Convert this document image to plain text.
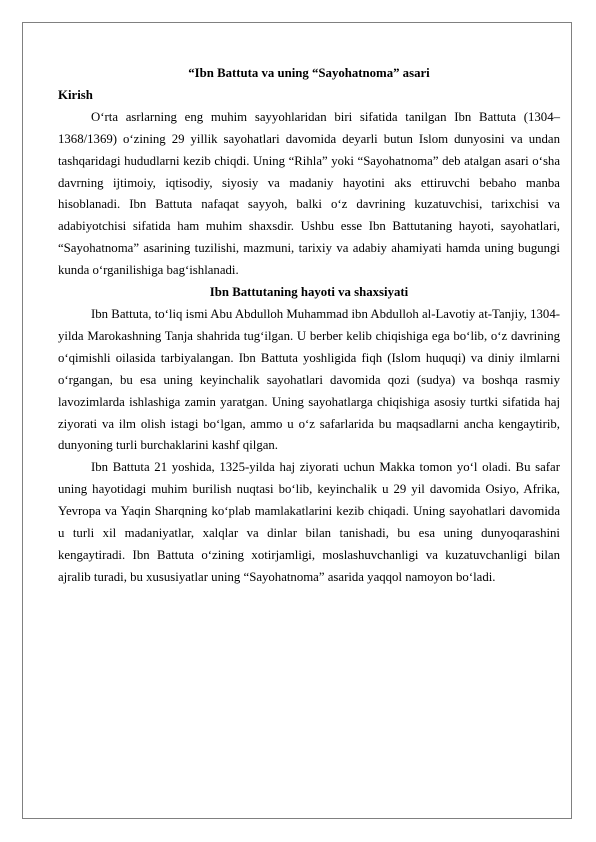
“Ibn Battuta va uning “Sayohatnoma” asari

Kirish

O‘rta asrlarning eng muhim sayyohlaridan biri sifatida tanilgan Ibn Battuta (1304–1368/1369) o‘zining 29 yillik sayohatlari davomida deyarli butun Islom dunyosini va undan tashqaridagi hududlarni kezib chiqdi. Uning “Rihla” yoki “Sayohatnoma” deb atalgan asari o‘sha davrning ijtimoiy, iqtisodiy, siyosiy va madaniy hayotini aks ettiruvchi bebaho manba hisoblanadi. Ibn Battuta nafaqat sayyoh, balki o‘z davrining kuzatuvchisi, tarixchisi va adabiyotchisi sifatida ham muhim shaxsdir. Ushbu esse Ibn Battutaning hayoti, sayohatlari, “Sayohatnoma” asarining tuzilishi, mazmuni, tarixiy va adabiy ahamiyati hamda uning bugungi kunda o‘rganilishiga bag‘ishlanadi.

Ibn Battutaning hayoti va shaxsiyati

Ibn Battuta, to‘liq ismi Abu Abdulloh Muhammad ibn Abdulloh al-Lavotiy at-Tanjiy, 1304-yilda Marokashning Tanja shahrida tug‘ilgan. U berber kelib chiqishiga ega bo‘lib, o‘z davrining o‘qimishli oilasida tarbiyalangan. Ibn Battuta yoshligida fiqh (Islom huquqi) va diniy ilmlarni o‘rgangan, bu esa uning keyinchalik sayohatlari davomida qozi (sudya) va boshqa rasmiy lavozimlarda ishlashiga zamin yaratgan. Uning sayohatlarga chiqishiga asosiy turtki sifatida haj ziyorati va ilm olish istagi bo‘lgan, ammo u o‘z safarlarida bu maqsadlarni ancha kengaytirib, dunyoning turli burchaklarini kashf qilgan.

Ibn Battuta 21 yoshida, 1325-yilda haj ziyorati uchun Makka tomon yo‘l oladi. Bu safar uning hayotidagi muhim burilish nuqtasi bo‘lib, keyinchalik u 29 yil davomida Osiyo, Afrika, Yevropa va Yaqin Sharqning ko‘plab mamlakatlarini kezib chiqadi. Uning sayohatlari davomida u turli xil madaniyatlar, xalqlar va dinlar bilan tanishadi, bu esa uning dunyoqarashini kengaytiradi. Ibn Battuta o‘zining xotirjamligi, moslashuvchanligi va kuzatuvchanligi bilan ajralib turadi, bu xususiyatlar uning “Sayohatnoma” asarida yaqqol namoyon bo‘ladi.
